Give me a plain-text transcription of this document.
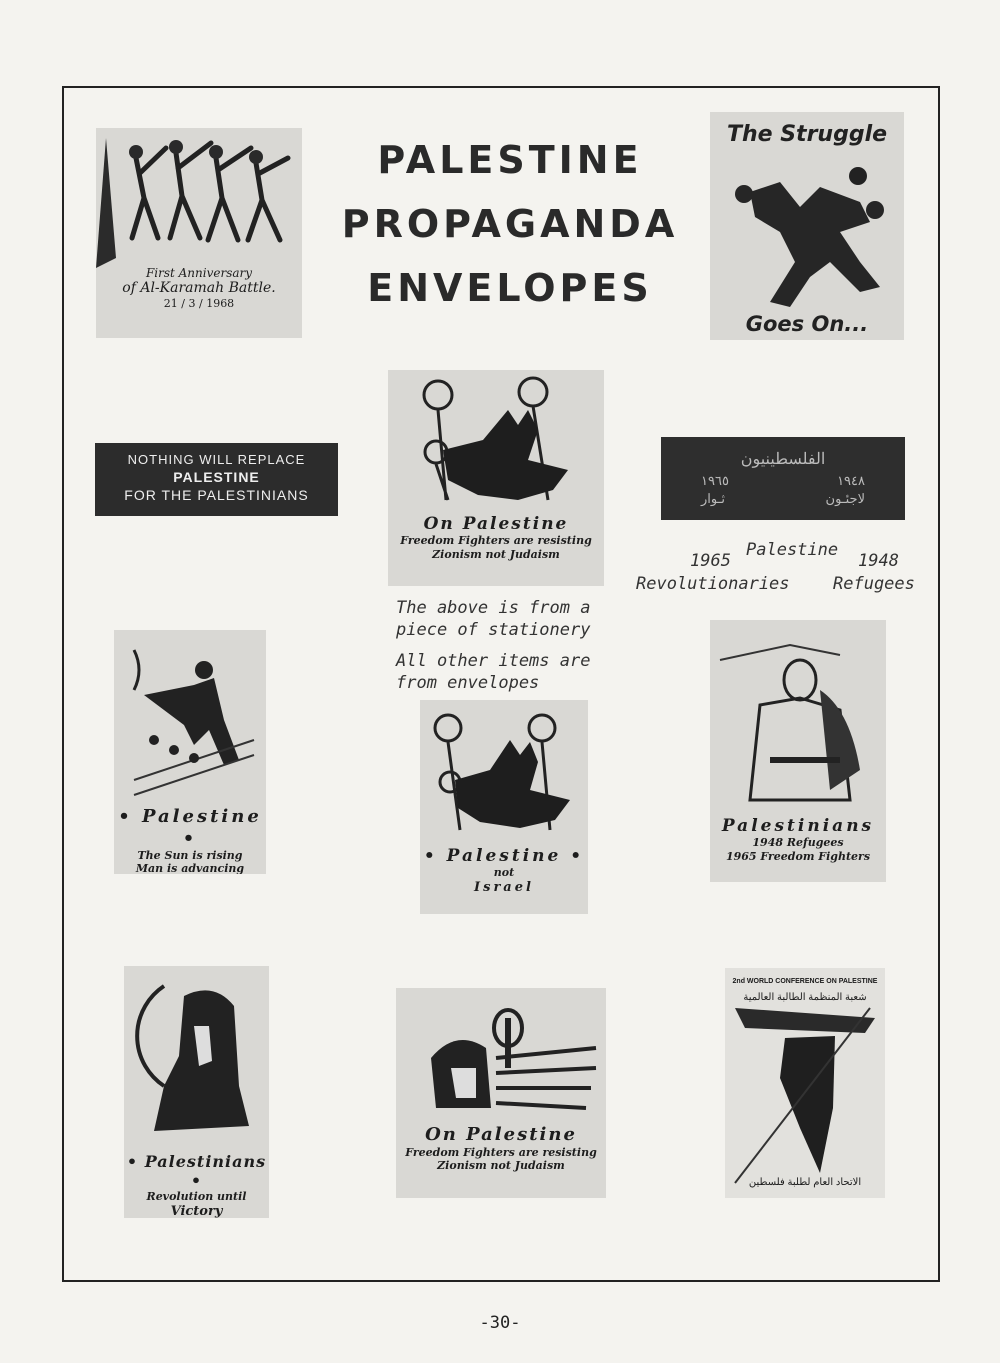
PALESTINE
PROPAGANDA
ENVELOPES
First Anniversary
of Al-Karamah Battle.
21 / 3 / 1968
The Struggle
Goes On...
NOTHING WILL REPLACE
PALESTINE
FOR THE PALESTINIANS
On Palestine
Freedom Fighters are resisting
Zionism not Judaism
الفلسطينيون
١٩٦٥	١٩٤٨
ثـوار	لاجئـون
Palestine
1965	1948
Revolutionaries	Refugees
The above is from a
piece of stationery
All other items are
from envelopes
• Palestine •
The Sun is rising
Man is advancing
• Palestine •
not
Israel
Palestinians
1948 Refugees
1965 Freedom Fighters
• Palestinians •
Revolution until
Victory
On Palestine
Freedom Fighters are resisting
Zionism not Judaism
2nd WORLD CONFERENCE ON PALESTINE
شعبة المنظمة الطالبة العالمية
الاتحاد العام لطلبة فلسطين
-30-
